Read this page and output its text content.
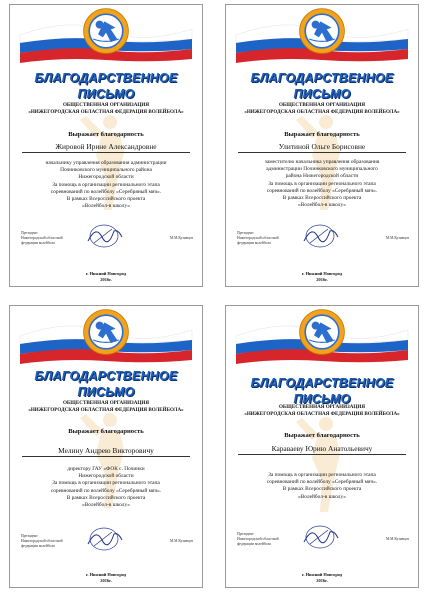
БЛАГОДАРСТВЕННОЕ
ПИСЬМО
ОБЩЕСТВЕННАЯ ОРГАНИЗАЦИЯ
«НИЖЕГОРОДСКАЯ ОБЛАСТНАЯ ФЕДЕРАЦИЯ ВОЛЕЙБОЛА»
Выражает благодарность
Жировой Ирине Александровне
начальнику управления образования администрации
Починковского муниципального района
Нижегородской области
За помощь в организации регионального этапа
соревнований по волейболу «Серебряный мяч».
В рамках Всероссийского проекта
«Волейбол-в школу»
Президент
Нижегородской областной
федерации волейбола
М.М.Кузнецов
г. Нижний Новгород
2016г.
БЛАГОДАРСТВЕННОЕ
ПИСЬМО
ОБЩЕСТВЕННАЯ ОРГАНИЗАЦИЯ
«НИЖЕГОРОДСКАЯ ОБЛАСТНАЯ ФЕДЕРАЦИЯ ВОЛЕЙБОЛА»
Выражает благодарность
Улитиной Ольге Борисовне
заместителю начальника управления образования
администрации Починковского муниципального
района Нижегородской области
За помощь в организации регионального этапа
соревнований по волейболу «Серебряный мяч».
В рамках Всероссийского проекта
«Волейбол-в школу»
Президент
Нижегородской областной
федерации волейбола
М.М.Кузнецов
г. Нижний Новгород
2016г.
БЛАГОДАРСТВЕННОЕ
ПИСЬМО
ОБЩЕСТВЕННАЯ ОРГАНИЗАЦИЯ
«НИЖЕГОРОДСКАЯ ОБЛАСТНАЯ ФЕДЕРАЦИЯ ВОЛЕЙБОЛА»
Выражает благодарность
Мелину Андрею Викторовичу
директору ГАУ «ФОК с. Починки
Нижегородской области
За помощь в организации регионального этапа
соревнований по волейболу «Серебряный мяч».
В рамках Всероссийского проекта
«Волейбол-в школу»
Президент
Нижегородской областной
федерации волейбола
М.М.Кузнецов
г. Нижний Новгород
2016г.
БЛАГОДАРСТВЕННОЕ
ПИСЬМО
ОБЩЕСТВЕННАЯ ОРГАНИЗАЦИЯ
«НИЖЕГОРОДСКАЯ ОБЛАСТНАЯ ФЕДЕРАЦИЯ ВОЛЕЙБОЛА»
Выражает благодарность
Караваеву Юрию Анатольевичу
За помощь в организации регионального этапа
соревнований по волейболу «Серебряный мяч».
В рамках Всероссийского проекта
«Волейбол-в школу»
Президент
Нижегородской областной
федерации волейбола
М.М.Кузнецов
г. Нижний Новгород
2016г.
